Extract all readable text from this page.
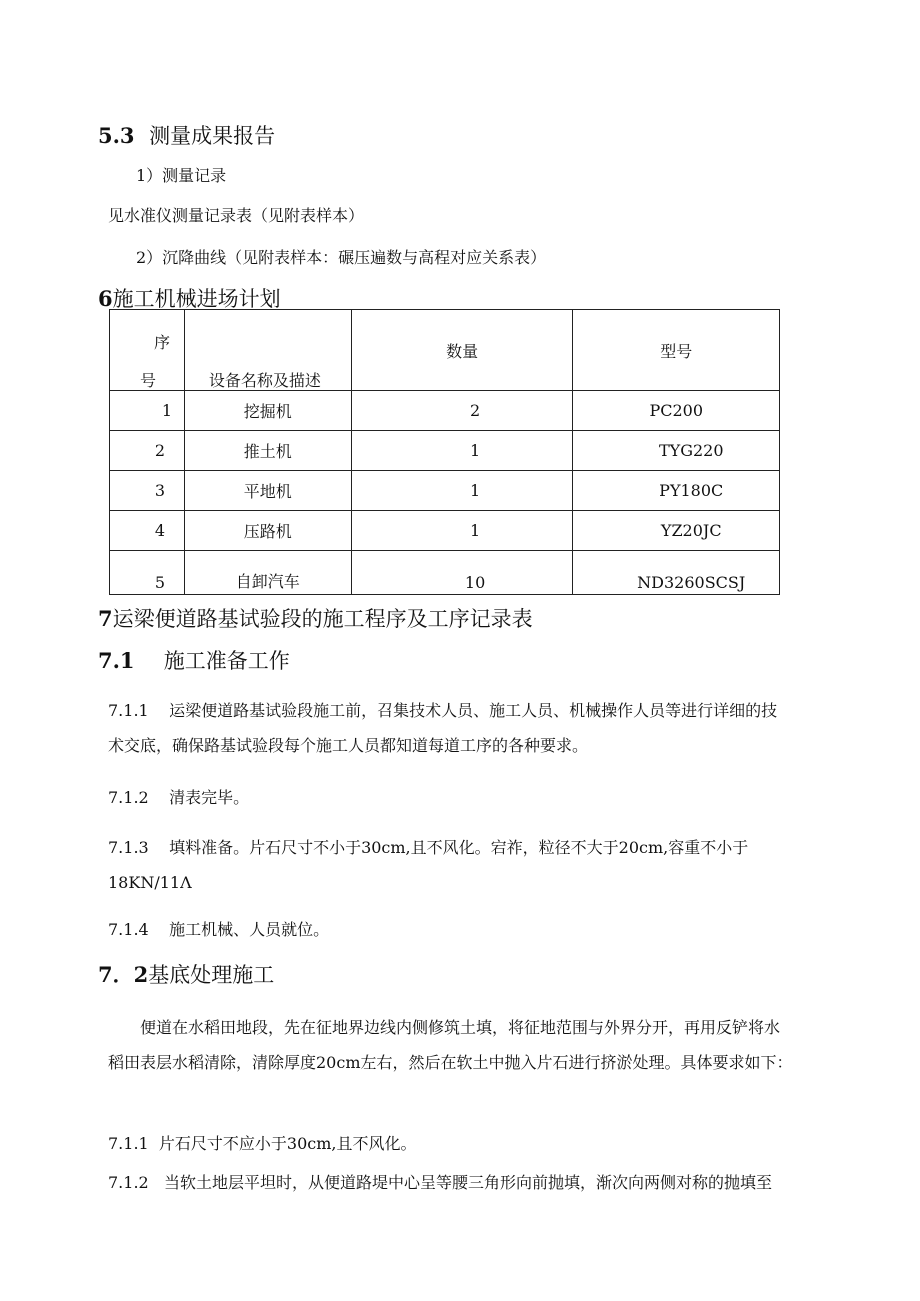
5.3 测量成果报告
1）测量记录
见水准仪测量记录表（见附表样本）
2）沉降曲线（见附表样本：碾压遍数与高程对应关系表）
6施工机械进场计划
序
号	设备名称及描述	数量	型号
1	挖掘机	2	PC200
2	推土机	1	TYG220
3	平地机	1	PY180C
4	压路机	1	YZ20JC
5	自卸汽车	10	ND3260SCSJ
7运梁便道路基试验段的施工程序及工序记录表
7.1 施工准备工作
7.1.1 运梁便道路基试验段施工前，召集技术人员、施工人员、机械操作人员等进行详细的技术交底，确保路基试验段每个施工人员都知道每道工序的各种要求。
7.1.2 清表完毕。
7.1.3 填料准备。片石尺寸不小于30cm,且不风化。宕祚，粒径不大于20cm,容重不小于18KN∕11Λ
7.1.4 施工机械、人员就位。
7．2基底处理施工
便道在水稻田地段，先在征地界边线内侧修筑土填，将征地范围与外界分开，再用反铲将水稻田表层水稻清除，清除厚度20cm左右，然后在软土中抛入片石进行挤淤处理。具体要求如下：
7.1.1 片石尺寸不应小于30cm,且不风化。
7.1.2 当软土地层平坦时，从便道路堤中心呈等腰三角形向前抛填，渐次向两侧对称的抛填至
